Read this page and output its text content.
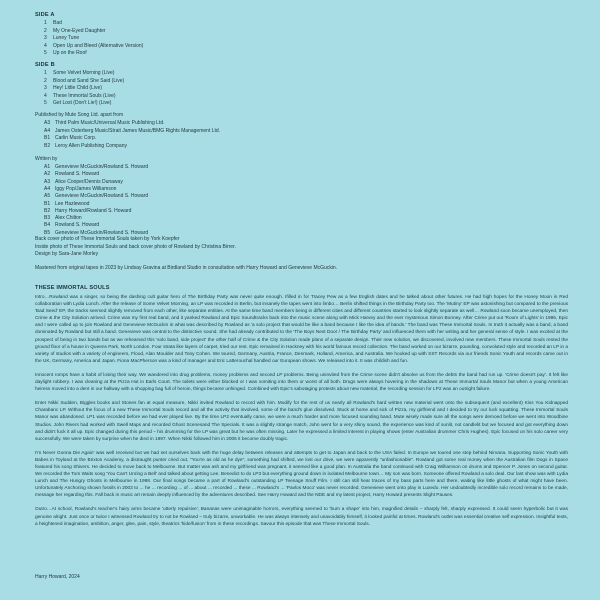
SIDE A
1 Bad
2 My One-Eyed Daughter
3 Luney Tune
4 Open Up and Bleed (Alternative Version)
5 Up on the Roof
SIDE B
1 Some Velvet Morning (Live)
2 Blood and Sand She Said (Live)
3 Hey! Little Child (Live)
4 These Immortal Souls (Live)
5 Get Lost (Don't Lie!) (Live)
Published by Mute Song Ltd. apart from
A3 Third Palm Music/Universal Music Publishing Ltd.
A4 James Osterberg Music/Strait James Music/BMG Rights Management Ltd.
B1 Carlin Music Corp.
B2 Leroy Allen Publishing Company
Written by
A1 Genevieve McGuckin/Rowland S. Howard
A2 Rowland S. Howard
A3 Alice Cooper/Dennis Dunaway
A4 Iggy Pop/James Williamson
A5 Genevieve McGuckin/Rowland S. Howard
B1 Lee Hazlewood
B2 Harry Howard/Rowland S. Howard
B3 Alex Chilton
B4 Rowland S. Howard
B5 Genevieve McGuckin/Rowland S. Howard
Back cover photo of These Immortal Souls taken by York Koepfer
Inside photo of These Immortal Souls and back cover photo of Rowland by Christina Birrer.
Design by Sara-Jane Morley
Mastered from original tapes in 2023 by Lindsay Gravina at Birdland Studio in consultation with Harry Howard and Genevieve McGuckin.
THESE IMMORTAL SOULS

Intro…Rowland was a singer, so being the dashing cult guitar hero of The Birthday Party was never quite enough. Ifilled in for Tracey Pew as a few English dates and he talked about other futures. He had high hopes for the Honey Moon in Red collaboration with Lydia Lunch. After the release of Some Velvet Morning, an LP was recorded in Berlin, but insanely the tapes went into limbo… Berlin shifted things in the Birthday Party too. The 'Mutiny' EP was astonishing but compared to the previous 'Bad Seed' EP, the tracks seemed slightly removed from each other, like separate entities. At the same time band members being in different cities and different countries started to look slightly separate as well… Rowland soon became unemployed, then Crime & the City Solution arrived. Crime was my first real band, and it yanked Rowland and Epic Soundtracks back into the music scene along with Mick Harvey and the ever mysterious Simon Bonney. After Crime put out 'Room of Lights' in 1986, Epic and I were called up to join Rowland and Genevieve McGuckin in what was described by Rowland as 'a solo project that would be like a band because I like the idea of bands.' The band was These Immortal Souls. In truth it actually was a band, a band dominated by Rowland but still a band. Genevieve was central to the distinctive sound. She had already contributed to the 'The Boys Next Door / The Birthday Party' and influenced them with her writing and her general sense of style. I was excited at the prospect of being in two bands but as we rehearsed this 'solo band, side project' the other half of Crime & the City Solution made plans of a separate design. Their new solution, we discovered, involved new members. These Immortal Souls rented the ground floor of a house in Queens Park, North London. Four strata like layers of carpet, tried our rest. Epic remained in Hackney with his world famous record collection. The band worked on our bizarre, pounding, convoluted style and recorded an LP in a variety of studios with a variety of engineers, Flood, Alan Moulder and Tony Cohen. We toured, Germany, Austria, France, Denmark, Holland, America, and Australia. We hooked up with SST Records via our friends Sonic Youth and records came out in the UK, Germany, America and Japan. Fiona MacPherson was a kind of manager and Eric Latterouchal handled our European shows. We released into it. It was childish and fun.

Innocent romps have a habit of losing their way. We wandered into drug problems, money problems and second LP problems. Being uninvited from the Crime scene didn't absolve us from the debts the band had run up. 'Crime doesn't pay'. It felt like daylight robbery. I was cleaning at the Pizza Hut in Earls Court. The toilets were either blocked or I was vomiting into them or worst of all both. Drugs were always hovering in the shadows at These Immortal Souls Manor but when a young American heiress moved into a dent in our hallway with a shopping bag full of heroin, things became unhinged. Combined with Epic's sabotaging protests about new material, the recording session for LP2 was an outright failure.

Enter Nikki Sudden, Biggles books and Stones fan at equal measure, Nikki invited Rowland to record with him. Modify for the rest of us nearly all Rowland's hard written new material went onto the subsequent (and excellent) Kiss You Kidnapped Charabanc LP. Without the focus of a new These Immortal Souls record and all the activity that involved, some of the band's glue dissolved. Stuck at home and sick of Pizza, my girlfriend and I decided to try our luck squatting. These Immortal Souls Manor was abandoned. LP1 was recorded before we had ever played live. By the time LP2 eventually came, we were a much harder and more focused sounding band. Mute wisely made sure all the songs were demoed before we went into Woodbine Studios. John Rivers had worked with Swell Maps and recorded Ghost Scenesand The Specials. It was a slightly strange match, John went for a very shiny sound, the experience was kind of sunlit, not candlelit but we focused and got everything down and didn't fuck it all up. Epic changed during this period – his drumming for the LP was great but he was often missing. Later he expressed a limited interest in playing shows (enter Australian drummer Chris Hughes). Epic focused on his solo career very successfully. We were taken by surprise when he died in 1997. When Nikki followed him in 2006 it become doubly tragic.

I'm Never Gonna Die Again' was well received but we had set ourselves back with the huge delay between releases and attempts to get to Japan and back to the USA failed. In Europe we toured one step behind Nirvana. Supporting Sonic Youth with Babes in Toyland at the Brixton Academy, a distraught punter cried out, "You're as old as he dye", something had shifted, we lost our drive, we were apparently "unfashionable". Rowland got some real money when the Australian film Dogs in Space featured his song Shivers. He decided to move back to Melbourne. But matter was ash and my girlfriend was pregnant, it seemed like a good plan. In Australia the band continued with Craig Williamson on drums and Spencer P. Jones on second guitar. We recorded the Tom Waits song 'You Can't Unring a Bell' and talked about getting Lee. Benedict to do LP3 but everything ground down in isolated Melbourne town… My son was born. Someone offered Rowland a solo deal. Our last show was with Lydia Lunch and The Hungry Ghosts in Melbourne in 1998. Our final songs became a part of Rowland's outstanding LP Teenage Snuff Film. I still can still hear traces of my bass parts here and there, waiting like little ghosts of what might have been. Unfortunately Anchoring shown fossils in 2003 to ... he ... recording ... of ... about ... recorded ... these ... Rowland's ... 'Pavlos Moco' was never recorded. Genevieve went onto play in Luxedo. Her undoubtedly incredible solo record remains to be made, message her regarding this. Fall back in music art remain deeply influenced by the adventures described. See Harry Howard and the NDE and my latest project, Harry Howard presents Slight Pauses.

Outro…At school, Rowland's teacher's hairy arms became 'utterly repulsive', Bananas were unimaginable horrors, everything seemed to 'burn a shape' into him, magnified details – sharply felt, sharply expressed. It could seem hyperbolic but it was genuine alright. Just once or twice I witnessed Rowland try to not be Rowland – truly bizarre, unworkable. He was always intensely and unavoidably himself, it looked painful at times. Rowland's outlet was essential creative self expression. Insightful texts, a heightened imagination, ambition, anger, glee, pain, style, theatrics 'hide/fusion' from in these recordings. Savour this episode that was These Immortal Souls.

Harry Howard, 2024
